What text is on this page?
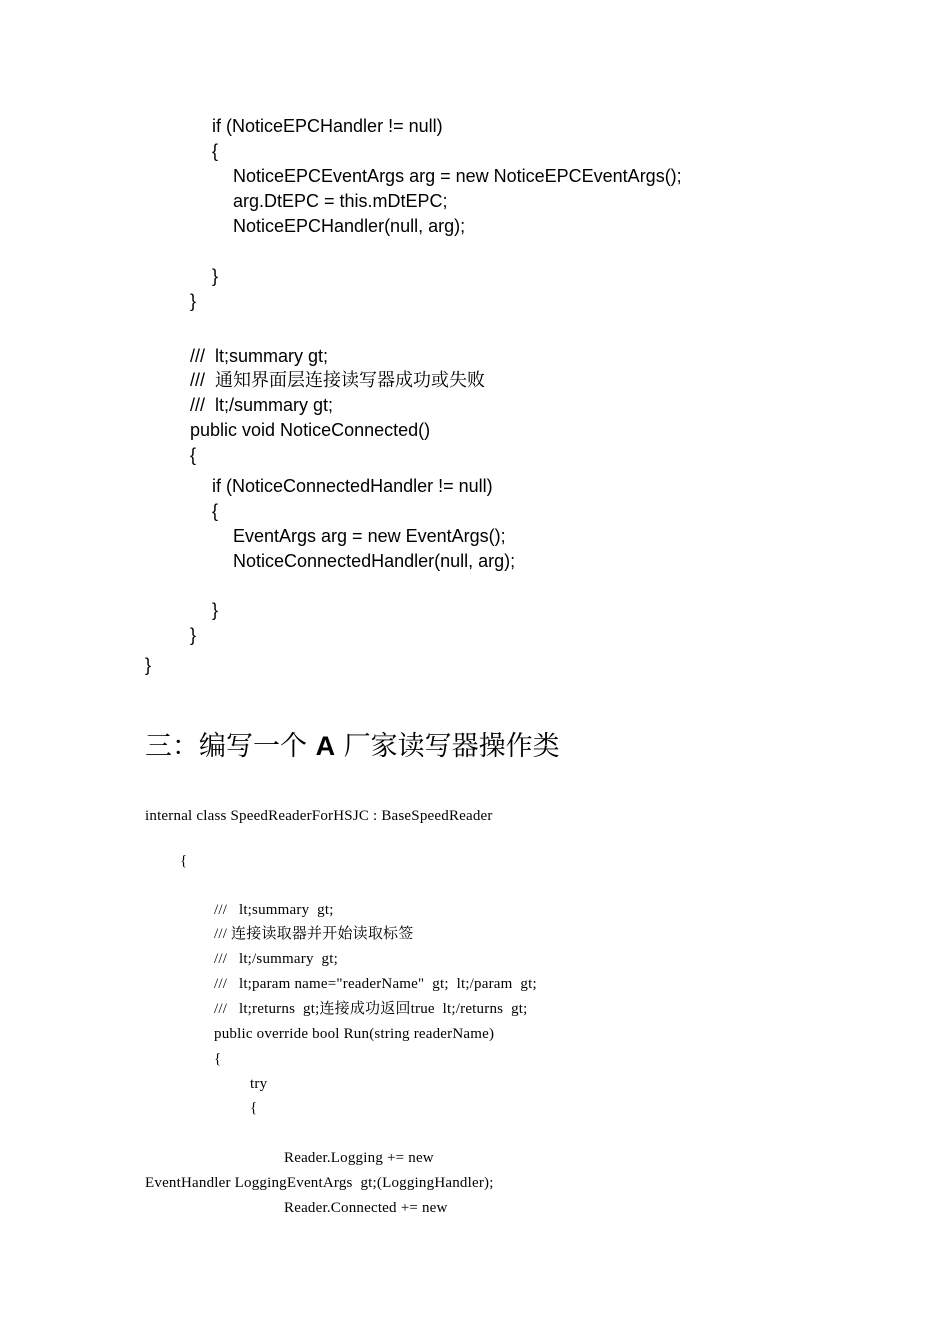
if (NoticeEPCHandler != null)
{
NoticeEPCEventArgs arg = new NoticeEPCEventArgs();
arg.DtEPC = this.mDtEPC;
NoticeEPCHandler(null, arg);
}
}
///  lt;summary gt;
///  通知界面层连接读写器成功或失败
///  lt;/summary gt;
public void NoticeConnected()
{
if (NoticeConnectedHandler != null)
{
EventArgs arg = new EventArgs();
NoticeConnectedHandler(null, arg);
}
}
}
三：编写一个 A 厂家读写器操作类
internal class SpeedReaderForHSJC : BaseSpeedReader
{
///   lt;summary  gt;
/// 连接读取器并开始读取标签
///   lt;/summary  gt;
///   lt;param name="readerName"  gt;  lt;/param  gt;
///   lt;returns  gt;连接成功返回true  lt;/returns  gt;
public override bool Run(string readerName)
{
try
{
Reader.Logging += new
EventHandler LoggingEventArgs  gt;(LoggingHandler);
Reader.Connected += new
